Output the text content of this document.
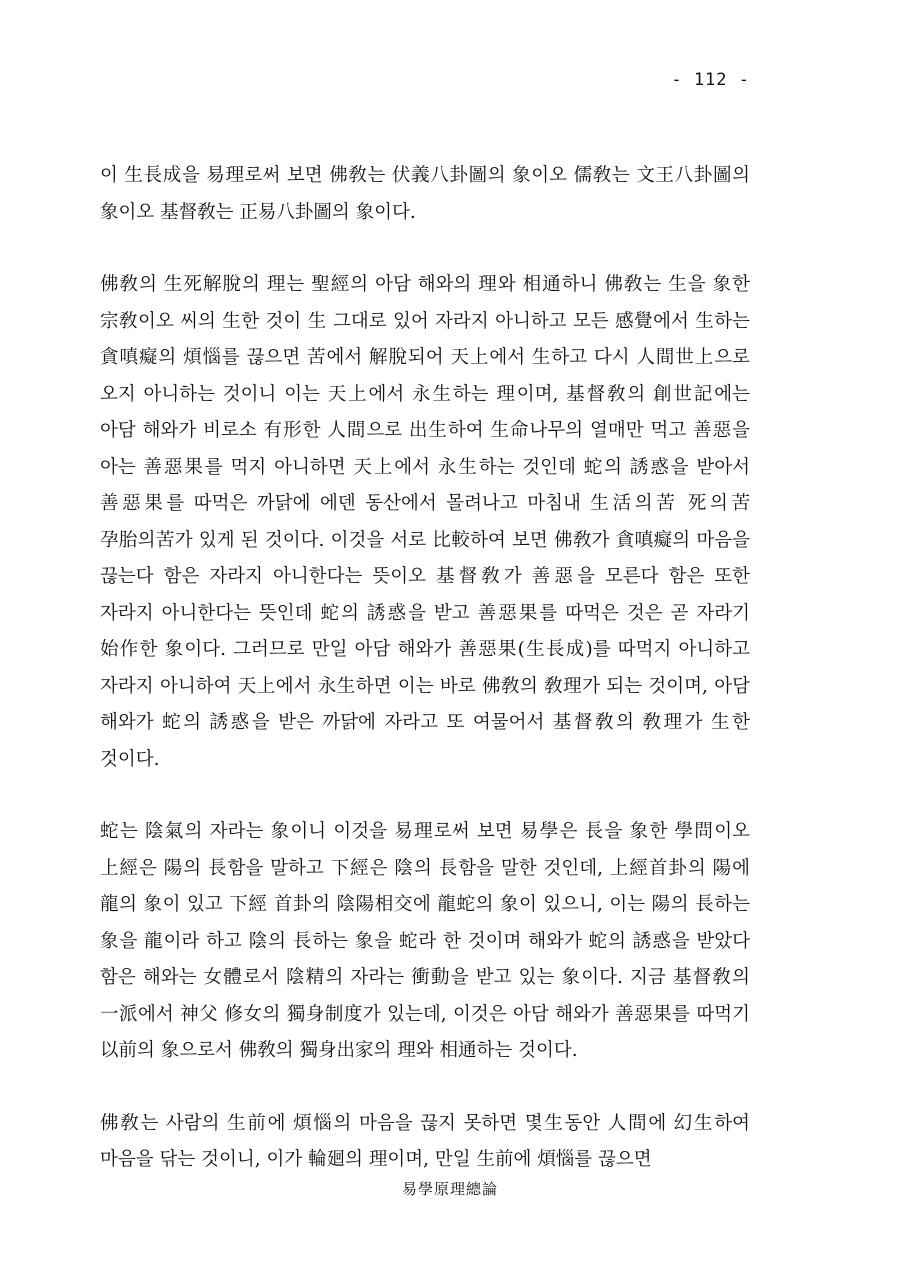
- 112 -

이 生長成을 易理로써 보면 佛敎는 伏義八卦圖의 象이오 儒敎는 文王八卦圖의 象이오 基督敎는 正易八卦圖의 象이다.

佛敎의 生死解脫의 理는 聖經의 아담 해와의 理와 相通하니 佛敎는 生을 象한 宗敎이오 씨의 生한 것이 生 그대로 있어 자라지 아니하고 모든 感覺에서 生하는 貪嗔癡의 煩惱를 끊으면 苦에서 解脫되어 天上에서 生하고 다시 人間世上으로 오지 아니하는 것이니 이는 天上에서 永生하는 理이며, 基督敎의 創世記에는 아담 해와가 비로소 有形한 人間으로 出生하여 生命나무의 열매만 먹고 善惡을 아는 善惡果를 먹지 아니하면 天上에서 永生하는 것인데 蛇의 誘惑을 받아서 善惡果를 따먹은 까닭에 에덴 동산에서 몰려나고 마침내 生活의苦 死의苦 孕胎의苦가 있게 된 것이다. 이것을 서로 比較하여 보면 佛敎가 貪嗔癡의 마음을 끊는다 함은 자라지 아니한다는 뜻이오 基督敎가 善惡을 모른다 함은 또한 자라지 아니한다는 뜻인데 蛇의 誘惑을 받고 善惡果를 따먹은 것은 곧 자라기 始作한 象이다. 그러므로 만일 아담 해와가 善惡果(生長成)를 따먹지 아니하고 자라지 아니하여 天上에서 永生하면 이는 바로 佛敎의 敎理가 되는 것이며, 아담 해와가 蛇의 誘惑을 받은 까닭에 자라고 또 여물어서 基督敎의 敎理가 生한 것이다.

蛇는 陰氣의 자라는 象이니 이것을 易理로써 보면 易學은 長을 象한 學問이오 上經은 陽의 長함을 말하고 下經은 陰의 長함을 말한 것인데, 上經首卦의 陽에 龍의 象이 있고 下經 首卦의 陰陽相交에 龍蛇의 象이 있으니, 이는 陽의 長하는 象을 龍이라 하고 陰의 長하는 象을 蛇라 한 것이며 해와가 蛇의 誘惑을 받았다 함은 해와는 女體로서 陰精의 자라는 衝動을 받고 있는 象이다. 지금 基督敎의 一派에서 神父 修女의 獨身制度가 있는데, 이것은 아담 해와가 善惡果를 따먹기 以前의 象으로서 佛敎의 獨身出家의 理와 相通하는 것이다.

佛敎는 사람의 生前에 煩惱의 마음을 끊지 못하면 몇生동안 人間에 幻生하여 마음을 닦는 것이니, 이가 輪廻의 理이며, 만일 生前에 煩惱를 끊으면

易學原理總論
